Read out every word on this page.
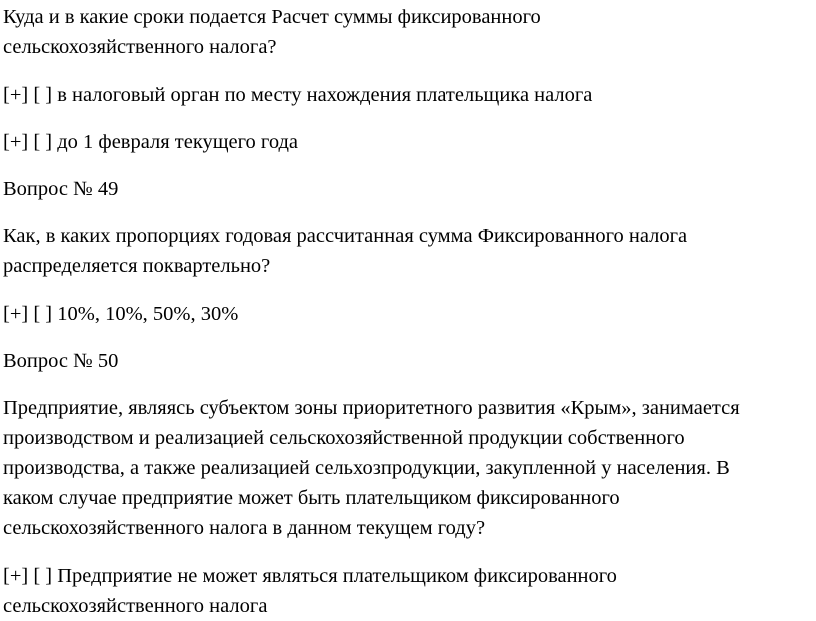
Куда и в какие сроки подается Расчет суммы фиксированного
сельскохозяйственного налога?

[+] [ ] в налоговый орган по месту нахождения плательщика налога

[+] [ ] до 1 февраля текущего года

Вопрос № 49

Как, в каких пропорциях годовая рассчитанная сумма Фиксированного налога
распределяется поквартельно?

[+] [ ] 10%, 10%, 50%, 30%

Вопрос № 50

Предприятие, являясь субъектом зоны приоритетного развития «Крым», занимается
производством и реализацией сельскохозяйственной продукции собственного
производства, а также реализацией сельхозпродукции, закупленной у населения. В
каком случае предприятие может быть плательщиком фиксированного
сельскохозяйственного налога в данном текущем году?

[+] [ ] Предприятие не может являться плательщиком фиксированного
сельскохозяйственного налога
